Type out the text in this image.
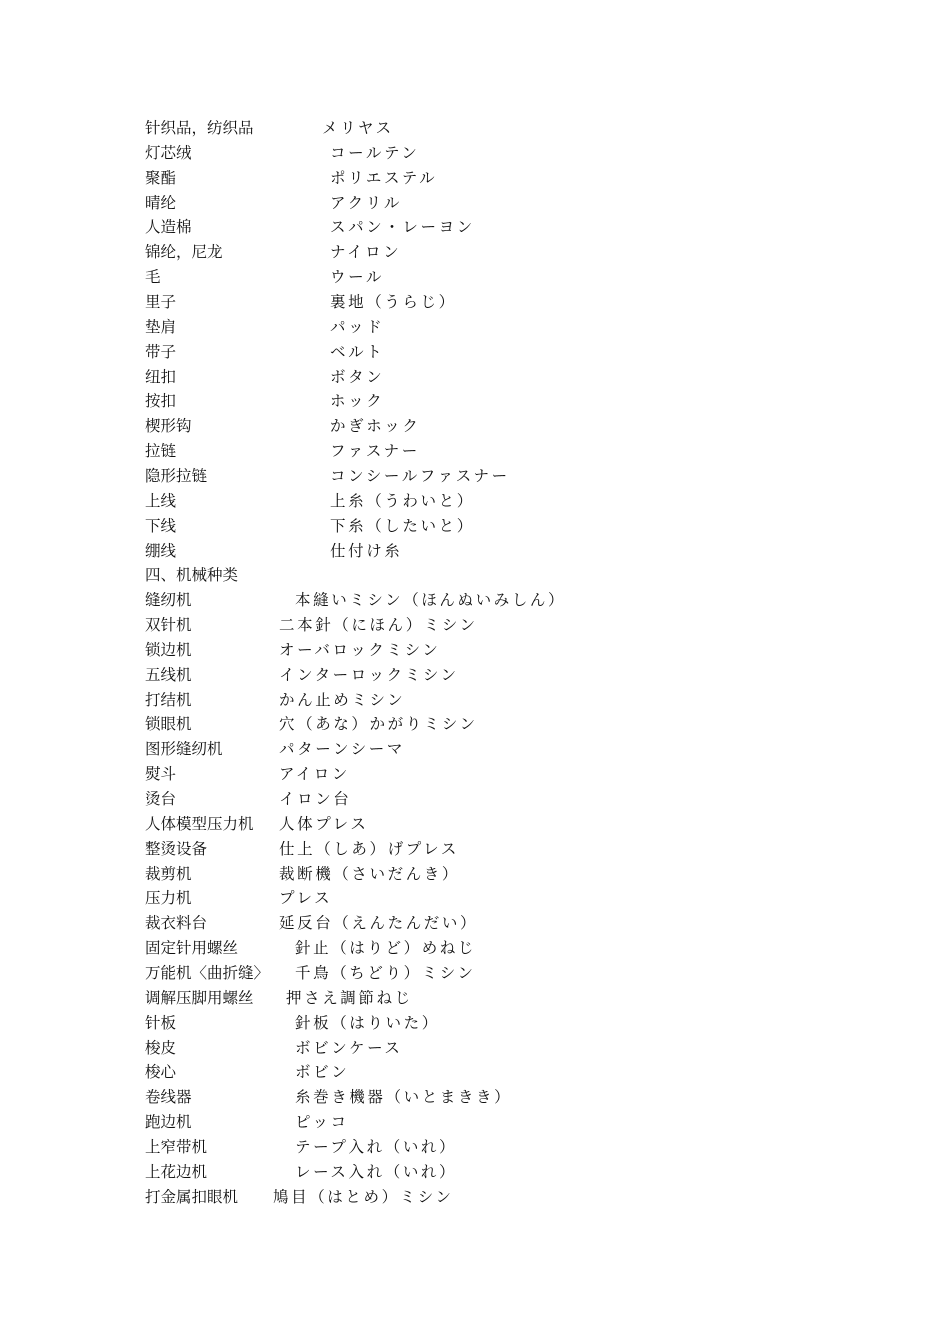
针织品，纺织品	メリヤス
灯芯绒	コールテン
聚酯	ポリエステル
晴纶	アクリル
人造棉	スパン・レーヨン
锦纶，尼龙	ナイロン
毛	ウール
里子	裏地（うらじ）
垫肩	パッド
带子	ベルト
纽扣	ボタン
按扣	ホック
楔形钩	かぎホック
拉链	ファスナー
隐形拉链	コンシールファスナー
上线	上糸（うわいと）
下线	下糸（したいと）
绷线	仕付け糸
四、机械种类
缝纫机	本縫いミシン（ほんぬいみしん）
双针机	二本針（にほん）ミシン
锁边机	オーバロックミシン
五线机	インターロックミシン
打结机	かん止めミシン
锁眼机	穴（あな）かがりミシン
图形缝纫机	パターンシーマ
熨斗	アイロン
烫台	イロン台
人体模型压力机 人体プレス
整烫设备	仕上（しあ）げプレス
裁剪机	裁断機（さいだんき）
压力机	プレス
裁衣料台	延反台（えんたんだい）
固定针用螺丝	針止（はりど）めねじ
万能机〈曲折缝〉 千鳥（ちどり）ミシン
调解压脚用螺丝 押さえ調節ねじ
针板	針板（はりいた）
梭皮	ボビンケース
梭心	ボビン
卷线器	糸巻き機器（いとまきき）
跑边机	ピッコ
上窄带机	テープ入れ（いれ）
上花边机	レース入れ（いれ）
打金属扣眼机 鳩目（はとめ）ミシン
